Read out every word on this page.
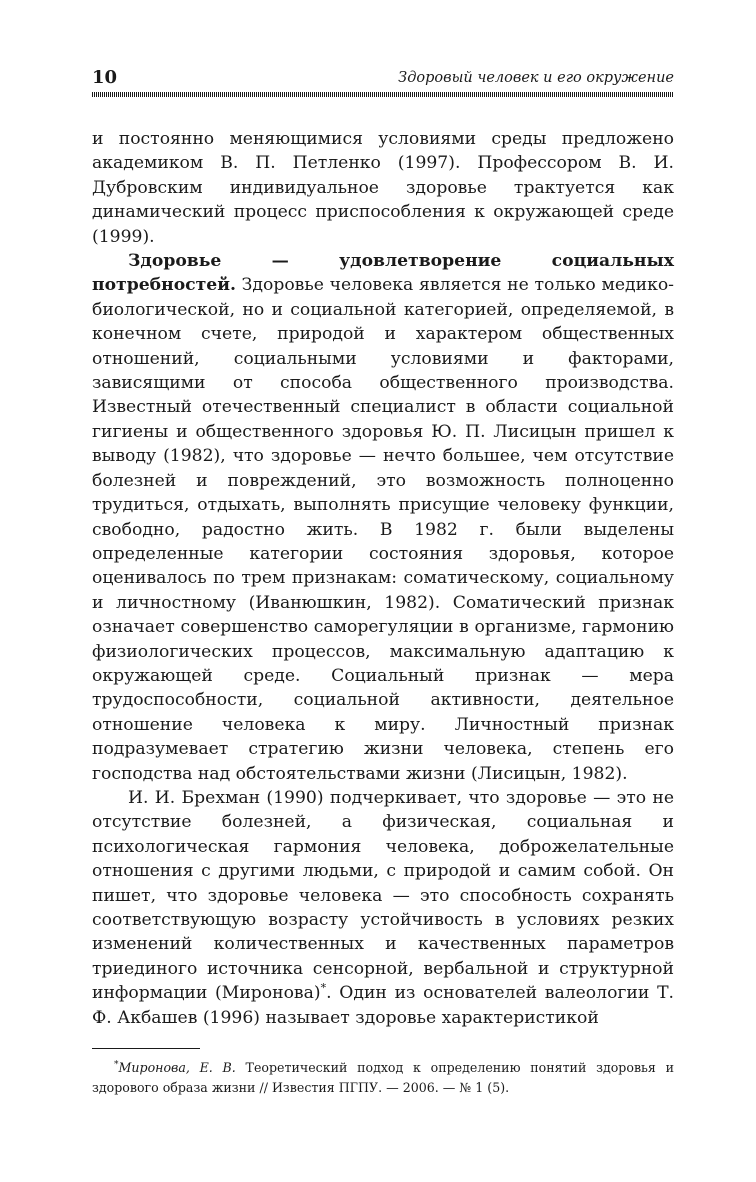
10	Здоровый человек и его окружение

и постоянно меняющимися условиями среды предложено академиком В. П. Петленко (1997). Профессором В. И. Дубровским индивидуальное здоровье трактуется как динамический процесс приспособления к окружающей среде (1999).

Здоровье — удовлетворение социальных потребностей. Здоровье человека является не только медико-биологической, но и социальной категорией, определяемой, в конечном счете, природой и характером общественных отношений, социальными условиями и факторами, зависящими от способа общественного производства. Известный отечественный специалист в области социальной гигиены и общественного здоровья Ю. П. Лисицын пришел к выводу (1982), что здоровье — нечто большее, чем отсутствие болезней и повреждений, это возможность полноценно трудиться, отдыхать, выполнять присущие человеку функции, свободно, радостно жить. В 1982 г. были выделены определенные категории состояния здоровья, которое оценивалось по трем признакам: соматическому, социальному и личностному (Иванюшкин, 1982). Соматический признак означает совершенство саморегуляции в организме, гармонию физиологических процессов, максимальную адаптацию к окружающей среде. Социальный признак — мера трудоспособности, социальной активности, деятельное отношение человека к миру. Личностный признак подразумевает стратегию жизни человека, степень его господства над обстоятельствами жизни (Лисицын, 1982).

И. И. Брехман (1990) подчеркивает, что здоровье — это не отсутствие болезней, а физическая, социальная и психологическая гармония человека, доброжелательные отношения с другими людьми, с природой и самим собой. Он пишет, что здоровье человека — это способность сохранять соответствующую возрасту устойчивость в условиях резких изменений количественных и качественных параметров триединого источника сенсорной, вербальной и структурной информации (Миронова)*. Один из основателей валеологии Т. Ф. Акбашев (1996) называет здоровье характеристикой

*Миронова, Е. В. Теоретический подход к определению понятий здоровья и здорового образа жизни // Известия ПГПУ. — 2006. — № 1 (5).
